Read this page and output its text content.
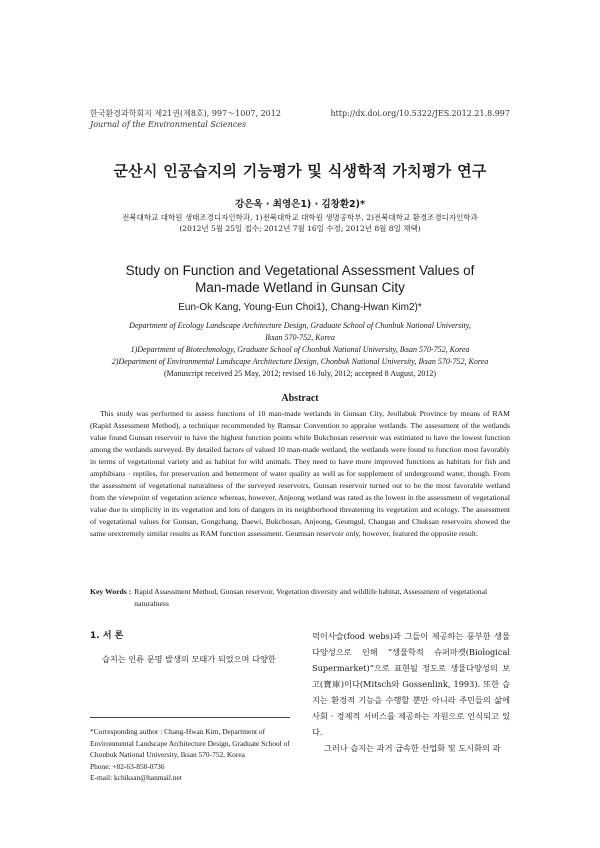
한국환경과학회지 제21권(제8호), 997～1007, 2012
Journal of the Environmental Sciences
http://dx.doi.org/10.5322/JES.2012.21.8.997
군산시 인공습지의 기능평가 및 식생학적 가치평가 연구
강은옥 · 최영은1) · 김창환2)*
전북대학교 대학원 생태조경디자인학과, 1)전북대학교 대학원 생명공학부, 2)전북대학교 환경조경디자인학과
(2012년 5월 25일 접수; 2012년 7월 16일 수정; 2012년 8월 8일 채택)
Study on Function and Vegetational Assessment Values of
Man-made Wetland in Gunsan City
Eun-Ok Kang, Young-Eun Choi1), Chang-Hwan Kim2)*
Department of Ecology Landscape Architecture Design, Graduate School of Chonbuk National University,
Iksan 570-752, Korea
1)Department of Biotechmology, Graduate School of Chonbuk National University, Iksan 570-752, Korea
2)Department of Environmental Landscape Architecture Design, Chonbuk National University, Iksan 570-752, Korea
(Manuscript received 25 May, 2012; revised 16 July, 2012; accepted 8 August, 2012)
Abstract
This study was performed to assess functions of 10 man-made wetlands in Gunsan City, Jeollabuk Province by means of RAM (Rapid Assessment Method), a technique recommended by Ramsar Convention to appraise wetlands. The assessment of the wetlands value found Gunsan reservoir to have the highest function points while Bukchosan reservoir was estimated to have the lowest function among the wetlands surveyed. By detailed factors of valued 10 man-made wetland, the wetlands were found to function most favorably in terms of vegetational variety and as habitat for wild animals. They need to have more improved functions as habitats for fish and amphibians · reptiles, for preservation and betterment of water quality as well as for supplement of underground water, though. From the assessment of vegetational naturalness of the surveyed reservoirs, Gunsan reservoir turned out to be the most favorable wetland from the viewpoint of vegetation science whereas, however, Anjeong wetland was rated as the lowest in the assessment of vegetational value due to simplicity in its vegetation and lots of dangers in its neighborhood threatening its vegetation and ecology. The assessment of vegetational values for Gunsan, Gongchang, Daewi, Bukchosan, Anjeong, Geumgul, Changan and Chuksan reservoirs showed the same orextremely similar results as RAM function assessment. Geumsan reservoir only, however, featured the opposite result.
Key Words : Rapid Assessment Method, Gunsan reservoir, Vegetation diversity and wildlife habitat, Assessment of vegetational naturalness
1. 서 론
습지는 인류 문명 발생의 모태가 되었으며 다양한
먹이사슬(food webs)과 그들이 제공하는 풍부한 생물다양성으로 인해 “생물학적 슈퍼마켓(Biological Supermarket)”으로 표현될 정도로 생물다양성의 보고(寶庫)이다(Mitsch와 Gossenlink, 1993). 또한 습지는 환경적 기능을 수행할 뿐만 아니라 주민들의 삶에 사회 · 경제적 서비스를 제공하는 자원으로 인식되고 있다.
그러나 습지는 과거 급속한 산업화 및 도시화의 과
*Corresponding author : Chang-Hwan Kim, Department of Environmental Landscape Architecture Design, Graduate School of Chonbuk National University, Iksan 570-752, Korea
Phone: +82-63-850-0736
E-mail: kchiksan@hanmail.net
